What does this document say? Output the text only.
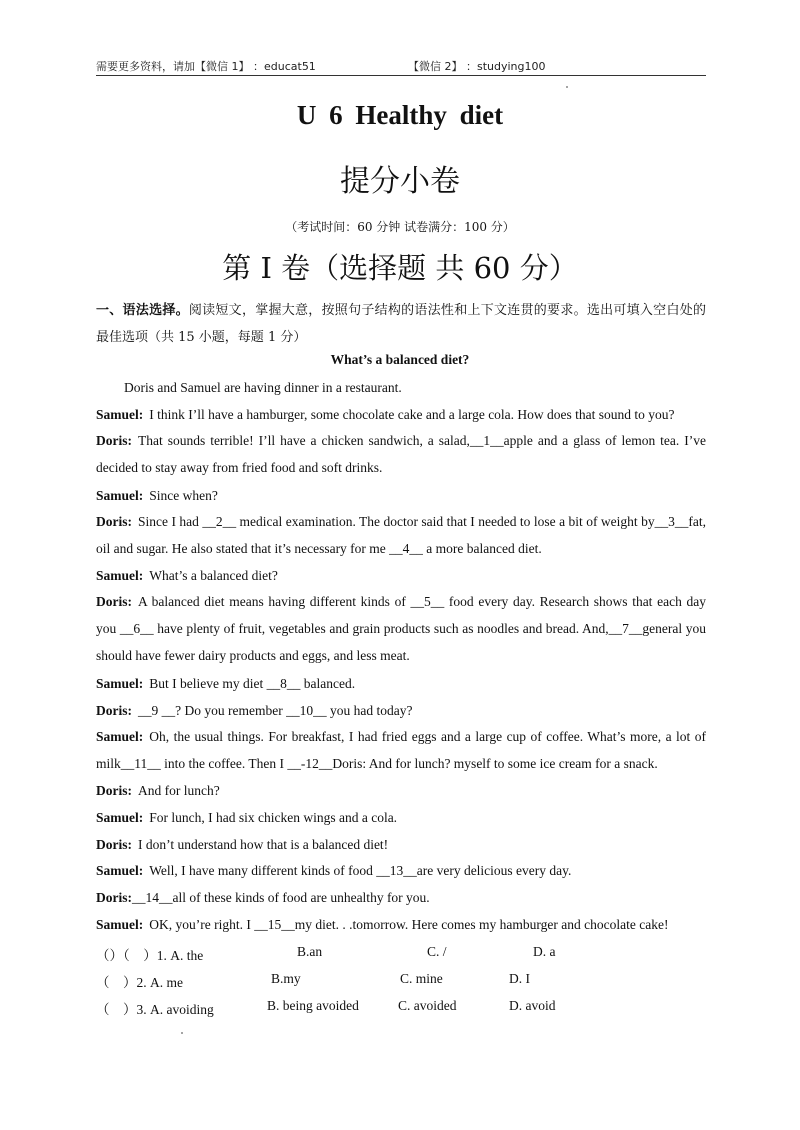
需要更多资料，请加【微信 1】 ：educat51	【微信 2】 ：studying100
U 6 Healthy diet
提分小卷
（考试时间：60 分钟 试卷满分：100 分）
第 I 卷（选择题 共 60 分）
一、语法选择。阅读短文，掌握大意，按照句子结构的语法性和上下文连贯的要求。选出可填入空白处的最佳选项（共 15 小题，每题 1 分）
What’s a balanced diet?
Doris and Samuel are having dinner in a restaurant.
Samuel: I think I’ll have a hamburger, some chocolate cake and a large cola. How does that sound to you?
Doris: That sounds terrible! I’ll have a chicken sandwich, a salad,__1__apple and a glass of lemon tea. I’ve decided to stay away from fried food and soft drinks.
Samuel: Since when?
Doris: Since I had __2__ medical examination. The doctor said that I needed to lose a bit of weight by__3__fat, oil and sugar. He also stated that it’s necessary for me __4__ a more balanced diet.
Samuel: What’s a balanced diet?
Doris: A balanced diet means having different kinds of __5__ food every day. Research shows that each day you __6__ have plenty of fruit, vegetables and grain products such as noodles and bread. And,__7__general you should have fewer dairy products and eggs, and less meat.
Samuel: But I believe my diet __8__ balanced.
Doris: __9 __? Do you remember __10__ you had today?
Samuel: Oh, the usual things. For breakfast, I had fried eggs and a large cup of coffee. What’s more, a lot of milk__11__ into the coffee. Then I __-12__Doris: And for lunch? myself to some ice cream for a snack.
Doris: And for lunch?
Samuel: For lunch, I had six chicken wings and a cola.
Doris: I don’t understand how that is a balanced diet!
Samuel: Well, I have many different kinds of food __13__are very delicious every day.
Doris:__14__all of these kinds of food are unhealthy for you.
Samuel: OK, you’re right. I __15__my diet. . .tomorrow. Here comes my hamburger and chocolate cake!
（）（　）1. A. the	B.an	C. /	D. a
（　）2. A. me	B.my	C. mine	D. I
（　）3. A. avoiding	B. being avoided	C. avoided	D. avoid
